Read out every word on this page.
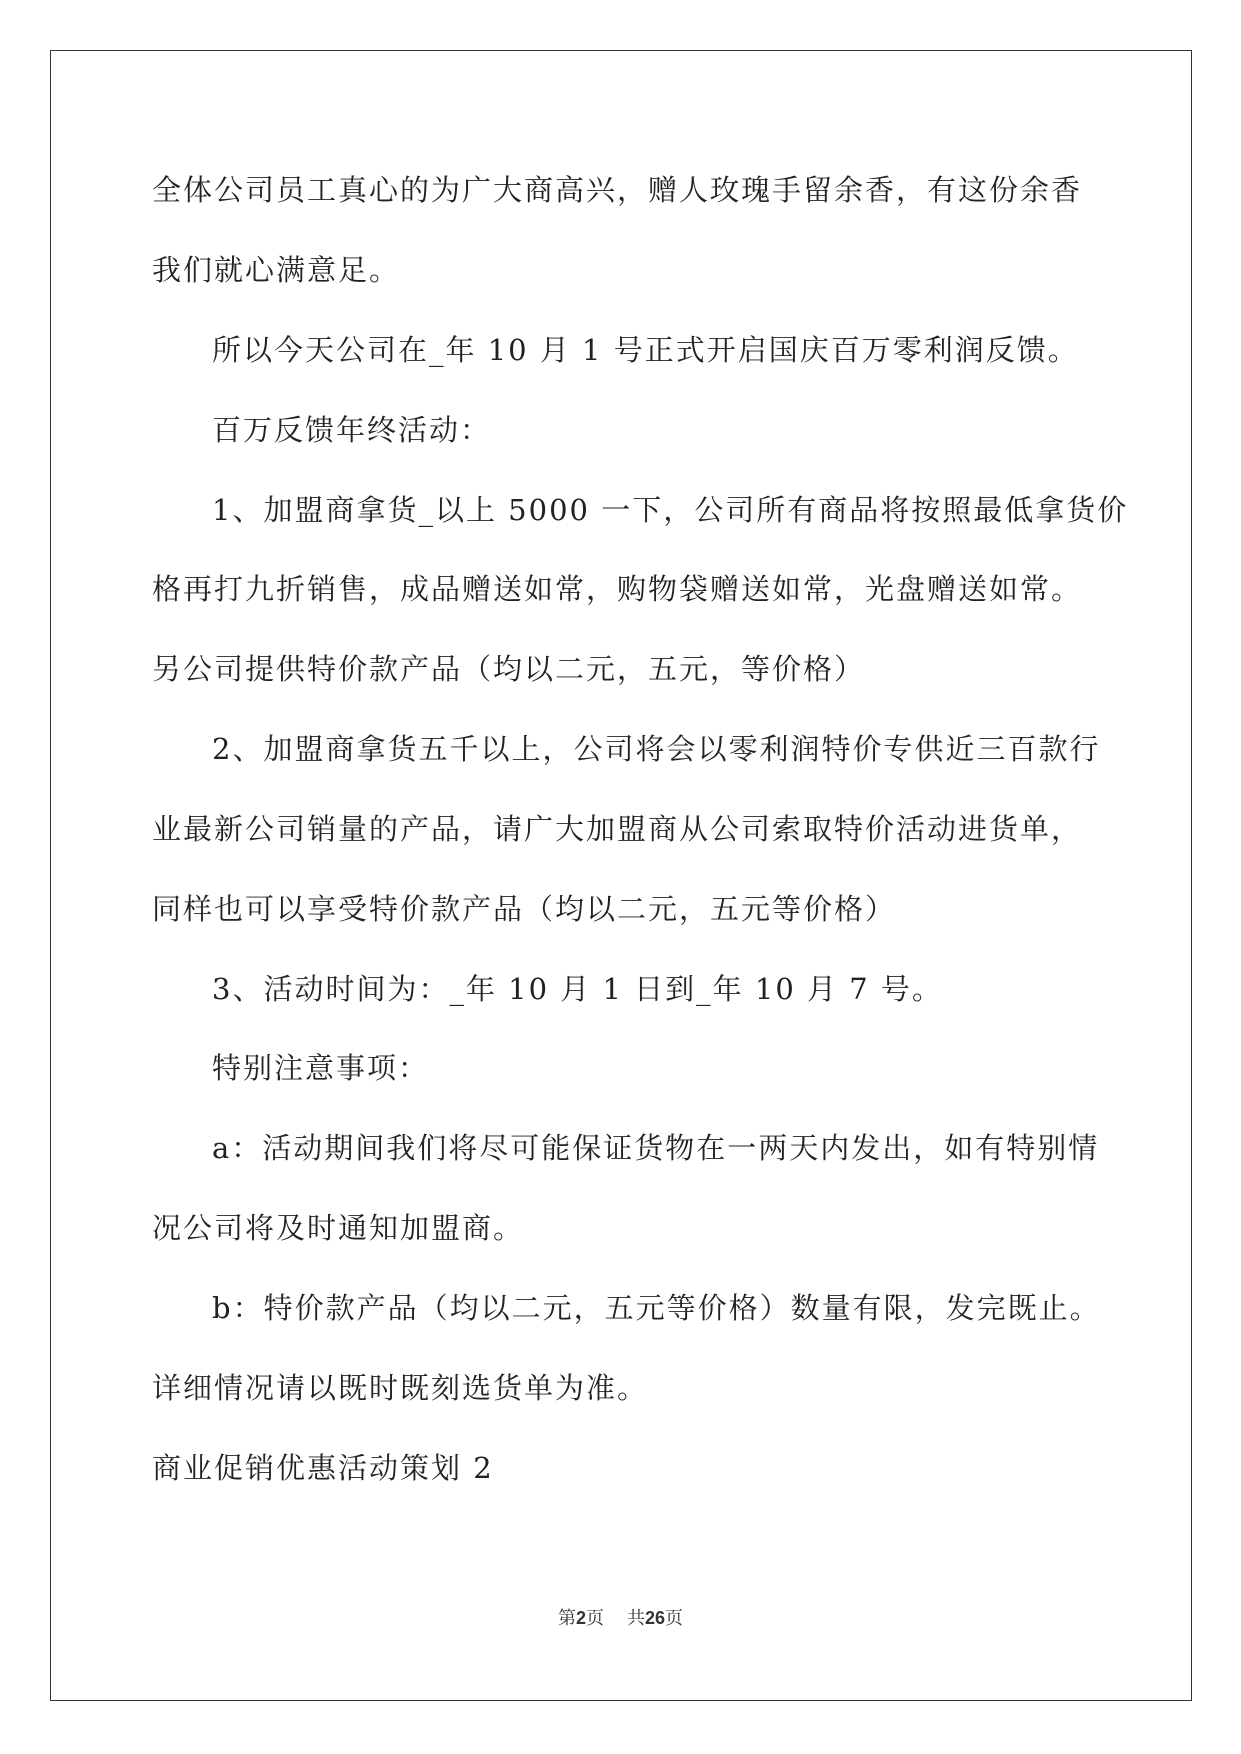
全体公司员工真心的为广大商高兴，赠人玫瑰手留余香，有这份余香
我们就心满意足。
所以今天公司在_年 10 月 1 号正式开启国庆百万零利润反馈。
百万反馈年终活动：
1、加盟商拿货_以上 5000 一下，公司所有商品将按照最低拿货价
格再打九折销售，成品赠送如常，购物袋赠送如常，光盘赠送如常。
另公司提供特价款产品（均以二元，五元，等价格）
2、加盟商拿货五千以上，公司将会以零利润特价专供近三百款行
业最新公司销量的产品，请广大加盟商从公司索取特价活动进货单，
同样也可以享受特价款产品（均以二元，五元等价格）
3、活动时间为：_年 10 月 1 日到_年 10 月 7 号。
特别注意事项：
a：活动期间我们将尽可能保证货物在一两天内发出，如有特别情
况公司将及时通知加盟商。
b：特价款产品（均以二元，五元等价格）数量有限，发完既止。
详细情况请以既时既刻选货单为准。
商业促销优惠活动策划 2
第2页 共26页
